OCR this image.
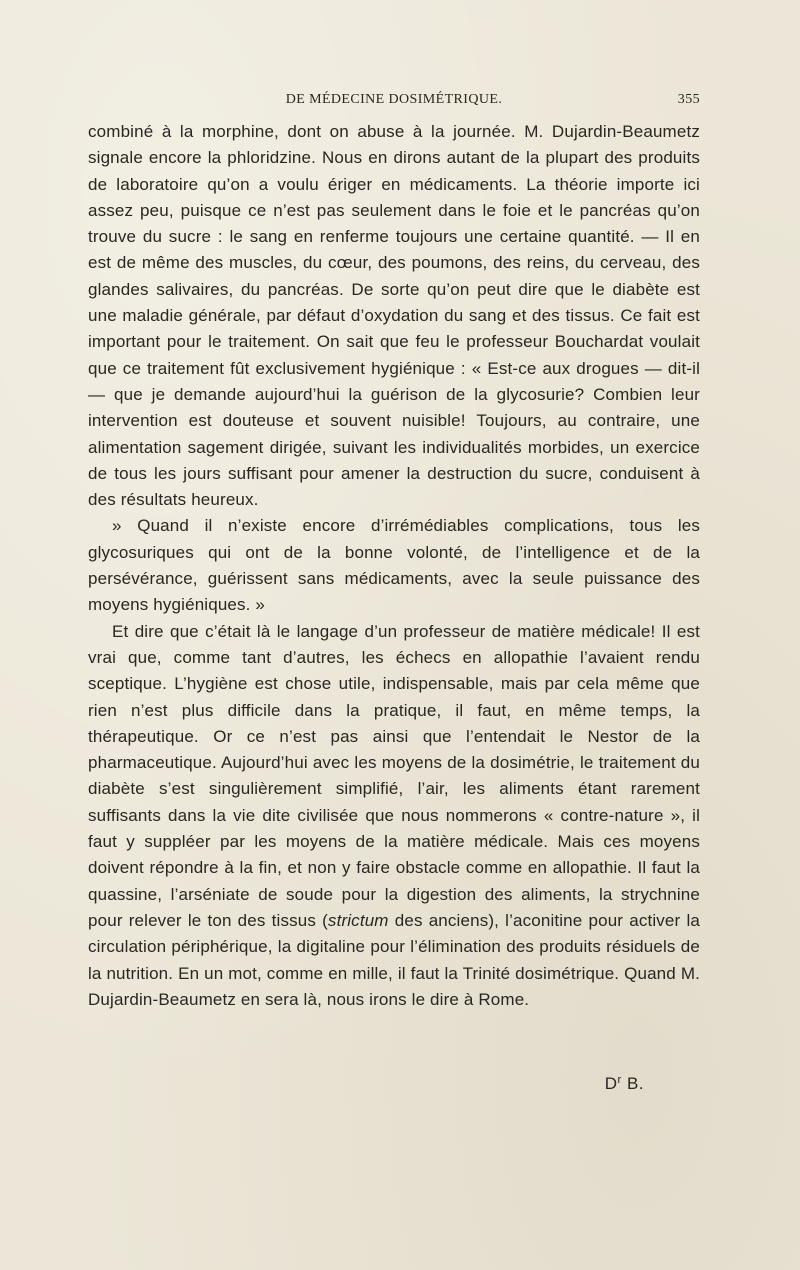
DE MÉDECINE DOSIMÉTRIQUE.	355

combiné à la morphine, dont on abuse à la journée. M. Dujardin-Beaumetz signale encore la phloridzine. Nous en dirons autant de la plupart des produits de laboratoire qu’on a voulu ériger en médicaments. La théorie importe ici assez peu, puisque ce n’est pas seulement dans le foie et le pancréas qu’on trouve du sucre : le sang en renferme toujours une certaine quantité. — Il en est de même des muscles, du cœur, des poumons, des reins, du cerveau, des glandes salivaires, du pancréas. De sorte qu’on peut dire que le diabète est une maladie générale, par défaut d’oxydation du sang et des tissus. Ce fait est important pour le traitement. On sait que feu le professeur Bouchardat voulait que ce traitement fût exclusivement hygiénique : « Est-ce aux drogues — dit-il — que je demande aujourd’hui la guérison de la glycosurie? Combien leur intervention est douteuse et souvent nuisible! Toujours, au contraire, une alimentation sagement dirigée, suivant les individualités morbides, un exercice de tous les jours suffisant pour amener la destruction du sucre, conduisent à des résultats heureux.

» Quand il n’existe encore d’irrémédiables complications, tous les glycosuriques qui ont de la bonne volonté, de l’intelligence et de la persévérance, guérissent sans médicaments, avec la seule puissance des moyens hygiéniques. »

Et dire que c’était là le langage d’un professeur de matière médicale! Il est vrai que, comme tant d’autres, les échecs en allopathie l’avaient rendu sceptique. L’hygiène est chose utile, indispensable, mais par cela même que rien n’est plus difficile dans la pratique, il faut, en même temps, la thérapeutique. Or ce n’est pas ainsi que l’entendait le Nestor de la pharmaceutique. Aujourd’hui avec les moyens de la dosimétrie, le traitement du diabète s’est singulièrement simplifié, l’air, les aliments étant rarement suffisants dans la vie dite civilisée que nous nommerons « contre-nature », il faut y suppléer par les moyens de la matière médicale. Mais ces moyens doivent répondre à la fin, et non y faire obstacle comme en allopathie. Il faut la quassine, l’arséniate de soude pour la digestion des aliments, la strychnine pour relever le ton des tissus (strictum des anciens), l’aconitine pour activer la circulation périphérique, la digitaline pour l’élimination des produits résiduels de la nutrition. En un mot, comme en mille, il faut la Trinité dosimétrique. Quand M. Dujardin-Beaumetz en sera là, nous irons le dire à Rome.

$D^r$ B.
